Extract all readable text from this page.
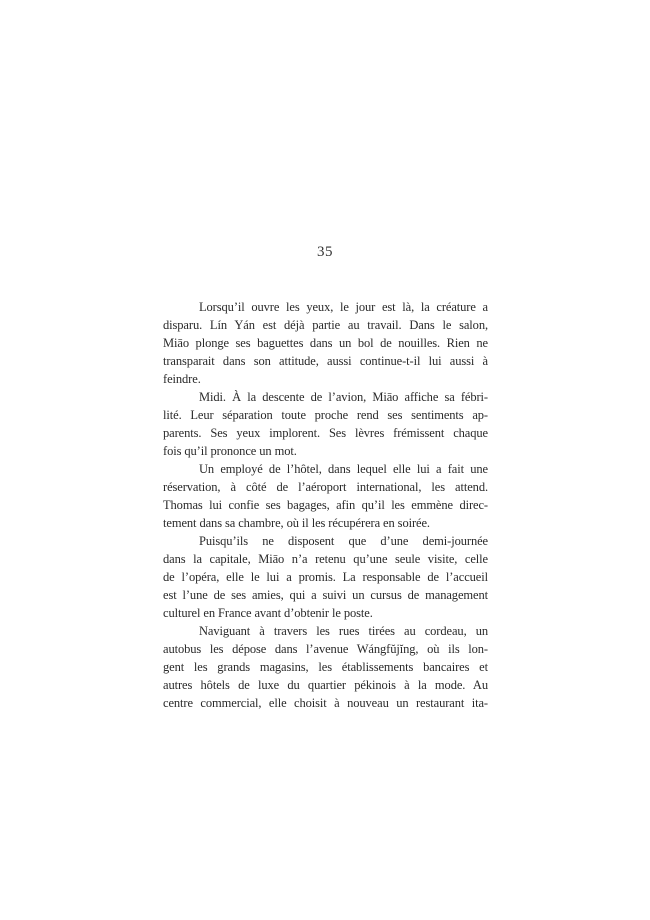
35
Lorsqu’il ouvre les yeux, le jour est là, la créature a
disparu. Lín Yán est déjà partie au travail. Dans le salon,
Miāo plonge ses baguettes dans un bol de nouilles. Rien ne
transparait dans son attitude, aussi continue-t-il lui aussi à
feindre.
Midi. À la descente de l’avion, Miāo affiche sa fébri-
lité. Leur séparation toute proche rend ses sentiments ap-
parents. Ses yeux implorent. Ses lèvres frémissent chaque
fois qu’il prononce un mot.
Un employé de l’hôtel, dans lequel elle lui a fait une
réservation, à côté de l’aéroport international, les attend.
Thomas lui confie ses bagages, afin qu’il les emmène direc-
tement dans sa chambre, où il les récupérera en soirée.
Puisqu’ils ne disposent que d’une demi-journée
dans la capitale, Miāo n’a retenu qu’une seule visite, celle
de l’opéra, elle le lui a promis. La responsable de l’accueil
est l’une de ses amies, qui a suivi un cursus de management
culturel en France avant d’obtenir le poste.
Naviguant à travers les rues tirées au cordeau, un
autobus les dépose dans l’avenue Wángfŭjĭng, où ils lon-
gent les grands magasins, les établissements bancaires et
autres hôtels de luxe du quartier pékinois à la mode. Au
centre commercial, elle choisit à nouveau un restaurant ita-
